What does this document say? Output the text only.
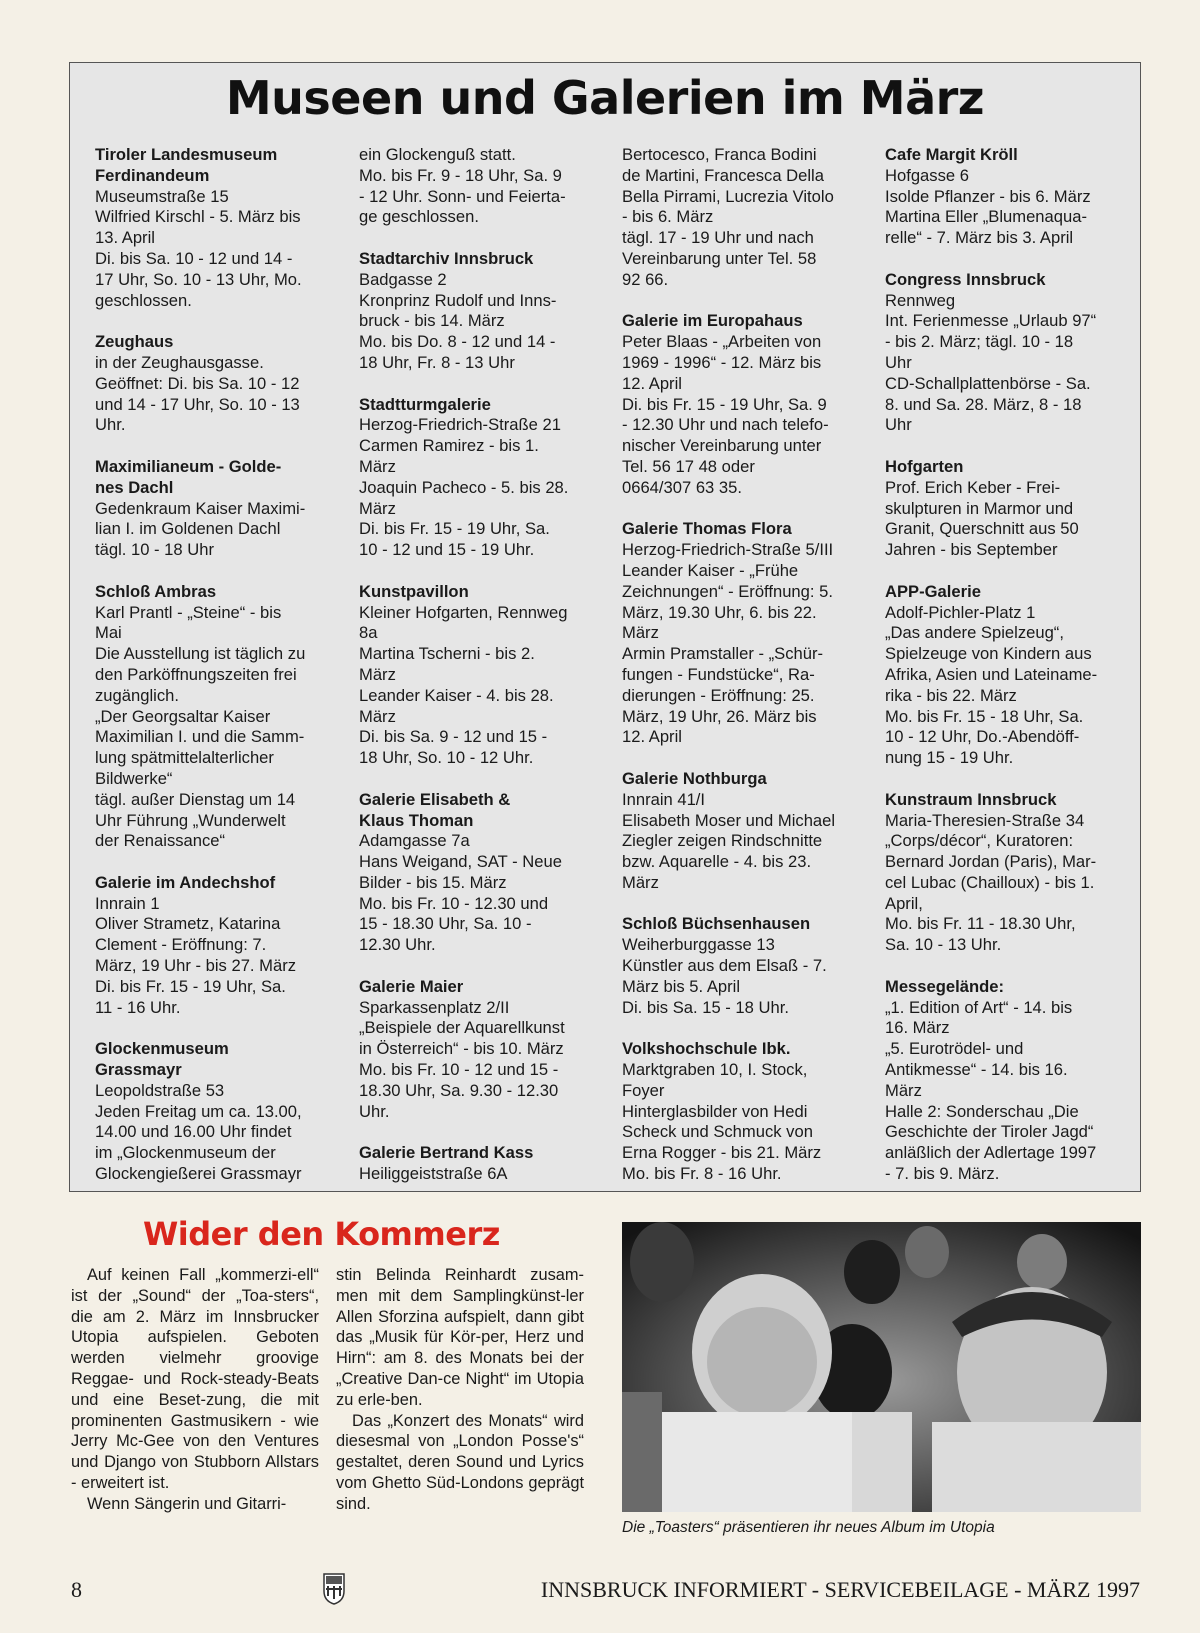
Museen und Galerien im März
Tiroler Landesmuseum
Ferdinandeum
Museumstraße 15
Wilfried Kirschl - 5. März bis
13. April
Di. bis Sa. 10 - 12 und 14 -
17 Uhr, So. 10 - 13 Uhr, Mo.
geschlossen.
Zeughaus
in der Zeughausgasse.
Geöffnet: Di. bis Sa. 10 - 12
und 14 - 17 Uhr, So. 10 - 13
Uhr.
Maximilianeum - Golde-
nes Dachl
Gedenkraum Kaiser Maximi-
lian I. im Goldenen Dachl
tägl. 10 - 18 Uhr
Schloß Ambras
Karl Prantl - „Steine“ - bis
Mai
Die Ausstellung ist täglich zu
den Parköffnungszeiten frei
zugänglich.
„Der Georgsaltar Kaiser
Maximilian I. und die Samm-
lung spätmittelalterlicher
Bildwerke“
tägl. außer Dienstag um 14
Uhr Führung „Wunderwelt
der Renaissance“
Galerie im Andechshof
Innrain 1
Oliver Strametz, Katarina
Clement - Eröffnung: 7.
März, 19 Uhr - bis 27. März
Di. bis Fr. 15 - 19 Uhr, Sa.
11 - 16 Uhr.
Glockenmuseum
Grassmayr
Leopoldstraße 53
Jeden Freitag um ca. 13.00,
14.00 und 16.00 Uhr findet
im „Glockenmuseum der
Glockengießerei Grassmayr
ein Glockenguß statt.
Mo. bis Fr. 9 - 18 Uhr, Sa. 9
- 12 Uhr. Sonn- und Feierta-
ge geschlossen.
Stadtarchiv Innsbruck
Badgasse 2
Kronprinz Rudolf und Inns-
bruck - bis 14. März
Mo. bis Do. 8 - 12 und 14 -
18 Uhr, Fr. 8 - 13 Uhr
Stadtturmgalerie
Herzog-Friedrich-Straße 21
Carmen Ramirez - bis 1.
März
Joaquin Pacheco - 5. bis 28.
März
Di. bis Fr. 15 - 19 Uhr, Sa.
10 - 12 und 15 - 19 Uhr.
Kunstpavillon
Kleiner Hofgarten, Rennweg
8a
Martina Tscherni - bis 2.
März
Leander Kaiser - 4. bis 28.
März
Di. bis Sa. 9 - 12 und 15 -
18 Uhr, So. 10 - 12 Uhr.
Galerie Elisabeth &
Klaus Thoman
Adamgasse 7a
Hans Weigand, SAT - Neue
Bilder - bis 15. März
Mo. bis Fr. 10 - 12.30 und
15 - 18.30 Uhr, Sa. 10 -
12.30 Uhr.
Galerie Maier
Sparkassenplatz 2/II
„Beispiele der Aquarellkunst
in Österreich“ - bis 10. März
Mo. bis Fr. 10 - 12 und 15 -
18.30 Uhr, Sa. 9.30 - 12.30
Uhr.
Galerie Bertrand Kass
Heiliggeiststraße 6A
Bertocesco, Franca Bodini
de Martini, Francesca Della
Bella Pirrami, Lucrezia Vitolo
- bis 6. März
tägl. 17 - 19 Uhr und nach
Vereinbarung unter Tel. 58
92 66.
Galerie im Europahaus
Peter Blaas - „Arbeiten von
1969 - 1996“ - 12. März bis
12. April
Di. bis Fr. 15 - 19 Uhr, Sa. 9
- 12.30 Uhr und nach telefo-
nischer Vereinbarung unter
Tel. 56 17 48 oder
0664/307 63 35.
Galerie Thomas Flora
Herzog-Friedrich-Straße 5/III
Leander Kaiser - „Frühe
Zeichnungen“ - Eröffnung: 5.
März, 19.30 Uhr, 6. bis 22.
März
Armin Pramstaller - „Schür-
fungen - Fundstücke“, Ra-
dierungen - Eröffnung: 25.
März, 19 Uhr, 26. März bis
12. April
Galerie Nothburga
Innrain 41/I
Elisabeth Moser und Michael
Ziegler zeigen Rindschnitte
bzw. Aquarelle - 4. bis 23.
März
Schloß Büchsenhausen
Weiherburggasse 13
Künstler aus dem Elsaß - 7.
März bis 5. April
Di. bis Sa. 15 - 18 Uhr.
Volkshochschule Ibk.
Marktgraben 10, I. Stock,
Foyer
Hinterglasbilder von Hedi
Scheck und Schmuck von
Erna Rogger - bis 21. März
Mo. bis Fr. 8 - 16 Uhr.
Cafe Margit Kröll
Hofgasse 6
Isolde Pflanzer - bis 6. März
Martina Eller „Blumenaqua-
relle“ - 7. März bis 3. April
Congress Innsbruck
Rennweg
Int. Ferienmesse „Urlaub 97“
- bis 2. März; tägl. 10 - 18
Uhr
CD-Schallplattenbörse - Sa.
8. und Sa. 28. März, 8 - 18
Uhr
Hofgarten
Prof. Erich Keber - Frei-
skulpturen in Marmor und
Granit, Querschnitt aus 50
Jahren - bis September
APP-Galerie
Adolf-Pichler-Platz 1
„Das andere Spielzeug“,
Spielzeuge von Kindern aus
Afrika, Asien und Lateiname-
rika - bis 22. März
Mo. bis Fr. 15 - 18 Uhr, Sa.
10 - 12 Uhr, Do.-Abendöff-
nung 15 - 19 Uhr.
Kunstraum Innsbruck
Maria-Theresien-Straße 34
„Corps/décor“, Kuratoren:
Bernard Jordan (Paris), Mar-
cel Lubac (Chailloux) - bis 1.
April,
Mo. bis Fr. 11 - 18.30 Uhr,
Sa. 10 - 13 Uhr.
Messegelände:
„1. Edition of Art“ - 14. bis
16. März
„5. Eurotrödel- und
Antikmesse“ - 14. bis 16.
März
Halle 2: Sonderschau „Die
Geschichte der Tiroler Jagd“
anläßlich der Adlertage 1997
- 7. bis 9. März.
Wider den Kommerz

Auf keinen Fall „kommerzi-ell“ ist der „Sound“ der „Toa-sters“, die am 2. März im Innsbrucker Utopia aufspielen. Geboten werden vielmehr groovige Reggae- und Rock-steady-Beats und eine Beset-zung, die mit prominenten Gastmusikern - wie Jerry Mc-Gee von den Ventures und Django von Stubborn Allstars - erweitert ist.

Wenn Sängerin und Gitarri-

stin Belinda Reinhardt zusam-men mit dem Samplingkünst-ler Allen Sforzina aufspielt, dann gibt das „Musik für Kör-per, Herz und Hirn“: am 8. des Monats bei der „Creative Dan-ce Night“ im Utopia zu erle-ben.

Das „Konzert des Monats“ wird diesesmal von „London Posse's“ gestaltet, deren Sound und Lyrics vom Ghetto Süd-Londons geprägt sind.

Die „Toasters“ präsentieren ihr neues Album im Utopia
8	INNSBRUCK INFORMIERT - SERVICEBEILAGE - MÄRZ 1997
